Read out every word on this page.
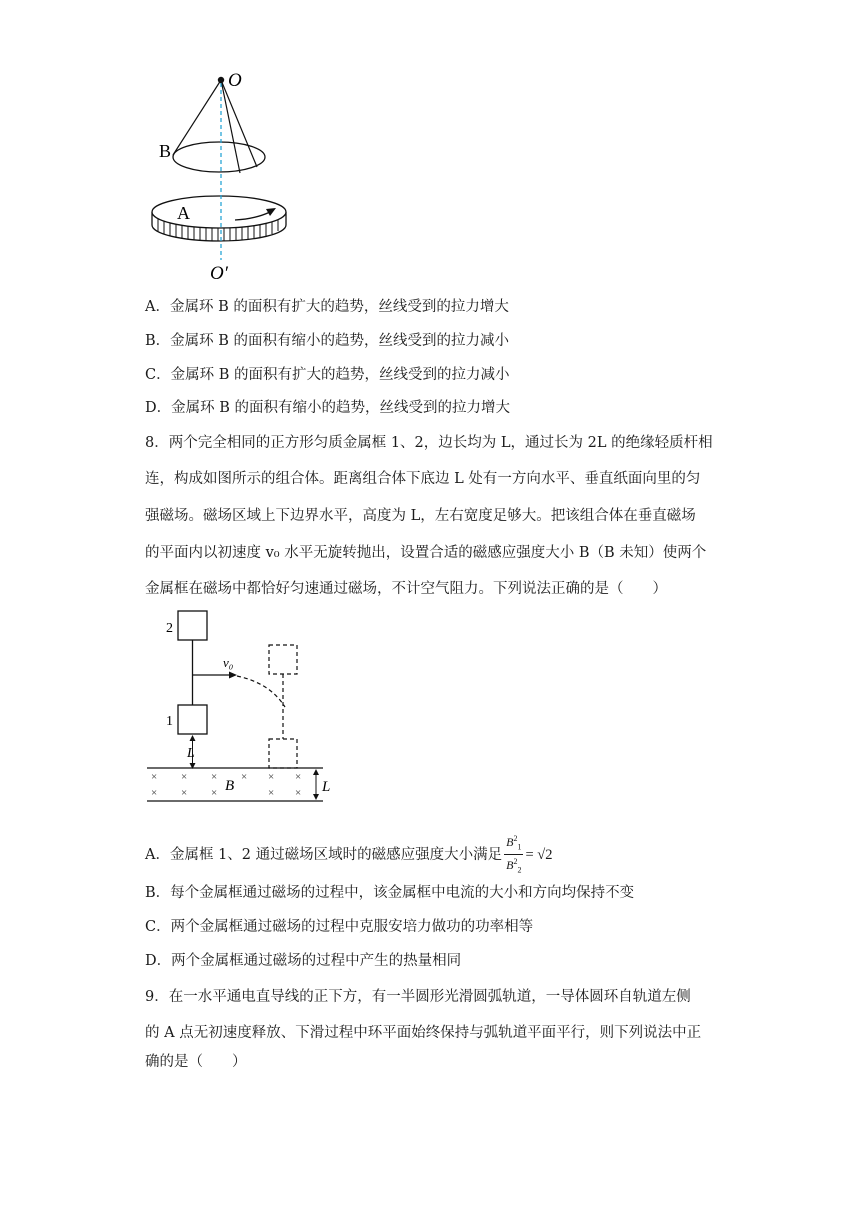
O
B
A
O′
A．金属环 B 的面积有扩大的趋势，丝线受到的拉力增大
B．金属环 B 的面积有缩小的趋势，丝线受到的拉力减小
C．金属环 B 的面积有扩大的趋势，丝线受到的拉力减小
D．金属环 B 的面积有缩小的趋势，丝线受到的拉力增大
8．两个完全相同的正方形匀质金属框 1、2，边长均为 L，通过长为 2L 的绝缘轻质杆相
连，构成如图所示的组合体。距离组合体下底边 L 处有一方向水平、垂直纸面向里的匀
强磁场。磁场区域上下边界水平，高度为 L，左右宽度足够大。把该组合体在垂直磁场
的平面内以初速度 v₀ 水平无旋转抛出，设置合适的磁感应强度大小 B（B 未知）使两个
金属框在磁场中都恰好匀速通过磁场，不计空气阻力。下列说法正确的是（　　）
2
1
v₀
L
× × × × × ×
× × ×	× ×
B	L
A．金属框 1、2 通过磁场区域时的磁感应强度大小满足 $\frac{B^2_1}{B^2_2} = √2$
B．每个金属框通过磁场的过程中，该金属框中电流的大小和方向均保持不变
C．两个金属框通过磁场的过程中克服安培力做功的功率相等
D．两个金属框通过磁场的过程中产生的热量相同
9．在一水平通电直导线的正下方，有一半圆形光滑圆弧轨道，一导体圆环自轨道左侧
的 A 点无初速度释放、下滑过程中环平面始终保持与弧轨道平面平行，则下列说法中正
确的是（　　）
